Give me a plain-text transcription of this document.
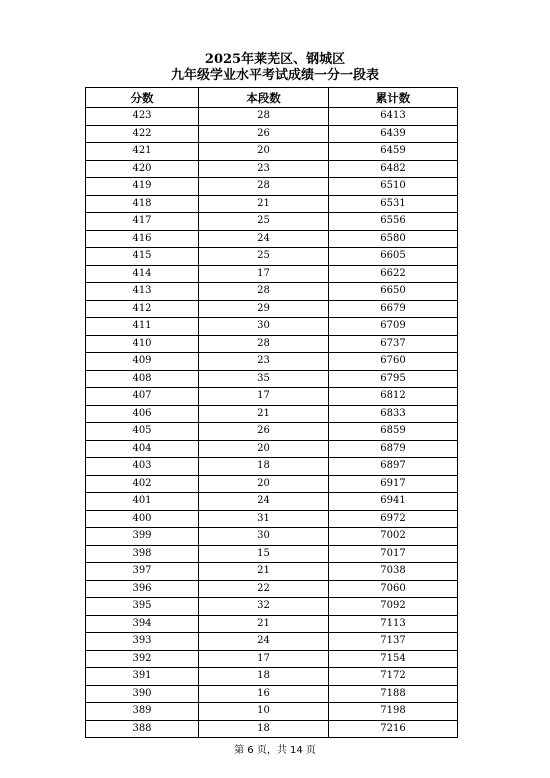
2025年莱芜区、钢城区
九年级学业水平考试成绩一分一段表
分数	本段数	累计数
423	28	6413
422	26	6439
421	20	6459
420	23	6482
419	28	6510
418	21	6531
417	25	6556
416	24	6580
415	25	6605
414	17	6622
413	28	6650
412	29	6679
411	30	6709
410	28	6737
409	23	6760
408	35	6795
407	17	6812
406	21	6833
405	26	6859
404	20	6879
403	18	6897
402	20	6917
401	24	6941
400	31	6972
399	30	7002
398	15	7017
397	21	7038
396	22	7060
395	32	7092
394	21	7113
393	24	7137
392	17	7154
391	18	7172
390	16	7188
389	10	7198
388	18	7216
第 6 页，共 14 页
